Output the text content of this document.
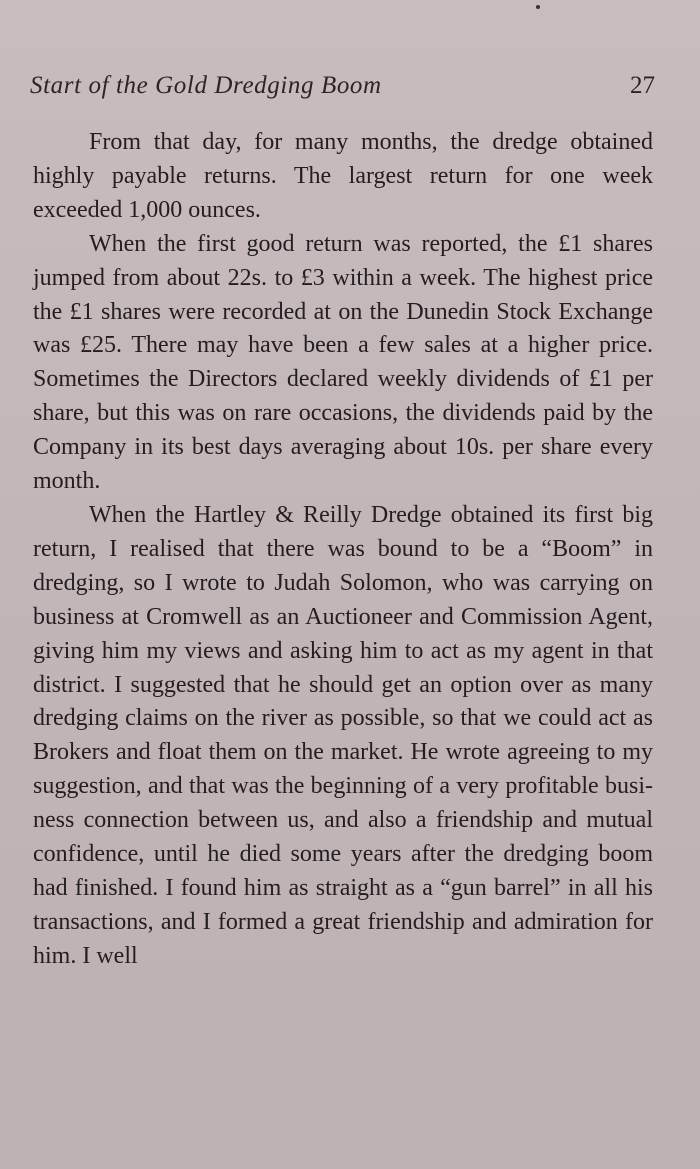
Start of the Gold Dredging Boom	27

From that day, for many months, the dredge obtained highly payable returns. The largest return for one week exceeded 1,000 ounces.

When the first good return was reported, the £1 shares jumped from about 22s. to £3 within a week. The highest price the £1 shares were recorded at on the Dunedin Stock Exchange was £25. There may have been a few sales at a higher price. Sometimes the Directors declared weekly dividends of £1 per share, but this was on rare occasions, the dividends paid by the Company in its best days averaging about 10s. per share every month.

When the Hartley & Reilly Dredge obtained its first big return, I realised that there was bound to be a “Boom” in dredging, so I wrote to Judah Solomon, who was carrying on business at Cromwell as an Auctioneer and Commission Agent, giving him my views and asking him to act as my agent in that district. I suggested that he should get an option over as many dredging claims on the river as possible, so that we could act as Brokers and float them on the market. He wrote agreeing to my suggestion, and that was the beginning of a very profitable business connection between us, and also a friendship and mutual confidence, until he died some years after the dredging boom had finished. I found him as straight as a “gun barrel” in all his transactions, and I formed a great friendship and admiration for him. I well
